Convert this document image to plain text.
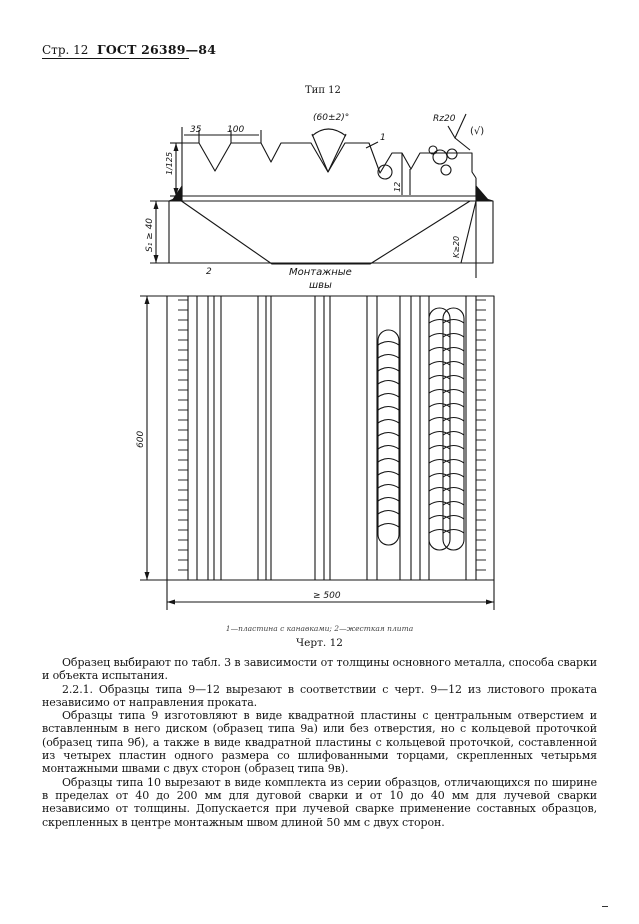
Стр. 12 ГОСТ 26389—84
Тип 12
35	100
(60±2)°	Rz20
(√)
1
2
12
1/125
S₁ ≥ 40	K≥20
Монтажные
швы
600
≥ 500
1—пластина с канавками; 2—жесткая плита
Черт. 12

Образец выбирают по табл. 3 в зависимости от толщины основного металла, способа сварки и объекта испытания.

2.2.1. Образцы типа 9—12 вырезают в соответствии с черт. 9—12 из листового проката независимо от направления проката.

Образцы типа 9 изготовляют в виде квадратной пластины с центральным отверстием и вставленным в него диском (образец типа 9а) или без отверстия, но с кольцевой проточкой (образец типа 9б), а также в виде квадратной пластины с кольцевой проточкой, составленной из четырех пластин одного размера со шлифованными торцами, скрепленных четырьмя монтажными швами с двух сторон (образец типа 9в).

Образцы типа 10 вырезают в виде комплекта из серии образцов, отличающихся по ширине в пределах от 40 до 200 мм для дуговой сварки и от 10 до 40 мм для лучевой сварки независимо от толщины. Допускается при лучевой сварке применение составных образцов, скрепленных в центре монтажным швом длиной 50 мм с двух сторон.
